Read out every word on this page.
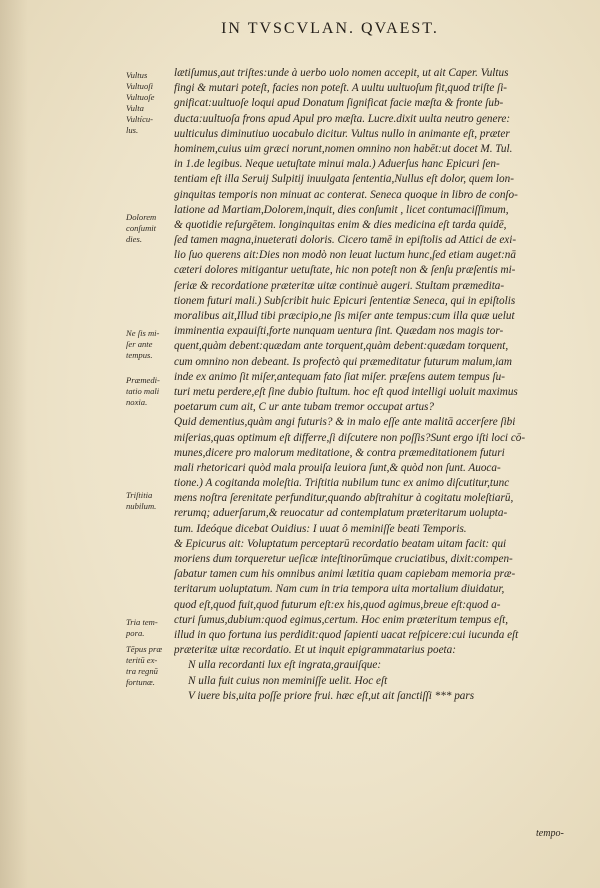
IN TVSCVLAN. QVAEST.
Vultus
Vultuoſi
Vultuoſe
Vulta
Vultícu-
lus.
Dolorem
conſumit
dies.
Ne ſis mi-
ſer ante
tempus.
Præmedi-
tatio mali
noxia.
Triſtitia
nubilum.
Tria tem-
pora.
Tēpus præ
teritū ex-
tra regnū
fortunæ.
lætiſumus,aut triſtes:unde à uerbo uolo nomen accepit, ut ait Caper. Vultus
fingi & mutari poteſt, facies non poteſt. A uultu uultuoſum fit,quod triſte ſi-
gnificat:uultuoſe loqui apud Donatum ſignificat facie mæſta & fronte ſub-
ducta:uultuoſa frons apud Apul pro mæſta. Lucre.dixit uulta neutro genere:
uulticulus diminutiuo uocabulo dicitur. Vultus nullo in animante eſt, præter
hominem,cuius uim græci norunt,nomen omnino non habēt:ut docet M. Tul.
in 1.de legibus. Neque uetuſtate minui mala.) Aduerſus hanc Epicuri ſen-
tentiam eſt illa Seruij Sulpitij inuulgata ſententia,Nullus eſt dolor, quem lon-
ginquitas temporis non minuat ac conterat. Seneca quoque in libro de conſo-
latione ad Martiam,Dolorem,inquit, dies conſumit , licet contumaciſſimum,
& quotidie reſurgētem. longinquitas enim & dies medicina eſt tarda quidē,
ſed tamen magna,inueterati doloris. Cicero tamē in epiſtolis ad Attici de exi-
lio ſuo querens ait:Dies non modò non leuat luctum hunc,ſed etiam auget:nā
cæteri dolores mitigantur uetuſtate, hic non poteſt non & ſenſu præſentis mi-
ſeriæ & recordatione præteritæ uitæ continuè augeri. Stultam præmedita-
tionem futuri mali.) Subſcribit huic Epicuri ſententiæ Seneca, qui in epiſtolis
moralibus ait,Illud tibi præcipio,ne ſis miſer ante tempus:cum illa quæ uelut
imminentia expauiſti,forte nunquam uentura ſint. Quædam nos magis tor-
quent,quàm debent:quædam ante torquent,quàm debent:quædam torquent,
cum omnino non debeant. Is profectò qui præmeditatur futurum malum,iam
inde ex animo ſit miſer,antequam fato ſiat miſer. præſens autem tempus ſu-
turi metu perdere,eſt ſine dubio ſtultum. hoc eſt quod intelligi uoluit maximus
poetarum cum ait, C ur ante tubam tremor occupat artus?
Quid dementius,quàm angi futuris? & in malo eſſe ante malitā accerſere ſibi
miſerias,quas optimum eſt differre,ſi diſcutere non poſſis?Sunt ergo iſti loci cō-
munes,dicere pro malorum meditatione, & contra præmeditationem futuri
mali rhetoricari quòd mala prouiſa leuiora ſunt,& quòd non ſunt. Auoca-
tione.) A cogitanda moleſtia. Triſtitia nubilum tunc ex animo diſcutitur,tunc
mens noſtra ſerenitate perfunditur,quando abſtrahitur à cogitatu moleſtiarū,
rerumq; aduerſarum,& reuocatur ad contemplatum præteritarum uolupta-
tum. Ideóque dicebat Ouidius: I uuat ô meminiſſe beati Temporis.
& Epicurus ait: Voluptatum perceptarū recordatio beatam uitam facit: qui
moriens dum torqueretur ueſicæ inteſtinorūmque cruciatibus, dixit:compen-
ſabatur tamen cum his omnibus animi lætitia quam capiebam memoria præ-
teritarum uoluptatum. Nam cum in tria tempora uita mortalium diuidatur,
quod eſt,quod fuit,quod futurum eſt:ex his,quod agimus,breue eſt:quod a-
cturi ſumus,dubium:quod egimus,certum. Hoc enim præteritum tempus eſt,
illud in quo fortuna ius perdidit:quod ſapienti uacat reſpicere:cui iucunda eſt
præteritæ uitæ recordatio. Et ut inquit epigrammatarius poeta:
N ulla recordanti lux eſt ingrata,grauiſque:
N ulla fuit cuius non meminiſſe uelit. Hoc eſt
V iuere bis,uita poſſe priore frui. hæc eſt,ut ait ſanctiſſi *** pars
tempo-
